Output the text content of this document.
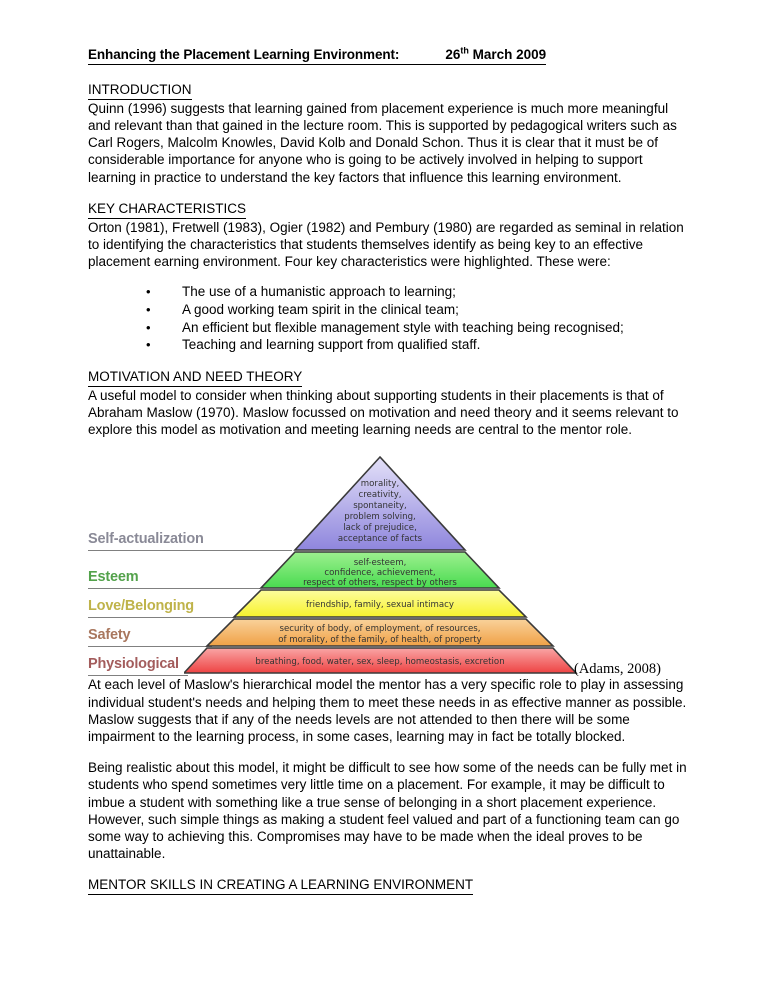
Enhancing the Placement Learning Environment:	26th March 2009
INTRODUCTION

Quinn (1996) suggests that learning gained from placement experience is much more meaningful and relevant than that gained in the lecture room. This is supported by pedagogical writers such as Carl Rogers, Malcolm Knowles, David Kolb and Donald Schon. Thus it is clear that it must be of considerable importance for anyone who is going to be actively involved in helping to support learning in practice to understand the key factors that influence this learning environment.

KEY CHARACTERISTICS

Orton (1981), Fretwell (1983), Ogier (1982) and Pembury (1980) are regarded as seminal in relation to identifying the characteristics that students themselves identify as being key to an effective placement earning environment. Four key characteristics were highlighted. These were:

•	The use of a humanistic approach to learning;
•	A good working team spirit in the clinical team;
•	An efficient but flexible management style with teaching being recognised;
•	Teaching and learning support from qualified staff.
MOTIVATION AND NEED THEORY

A useful model to consider when thinking about supporting students in their placements is that of Abraham Maslow (1970). Maslow focussed on motivation and need theory and it seems relevant to explore this model as motivation and meeting learning needs are central to the mentor role.

At each level of Maslow's hierarchical model the mentor has a very specific role to play in assessing individual student's needs and helping them to meet these needs in as effective manner as possible. Maslow suggests that if any of the needs levels are not attended to then there will be some impairment to the learning process, in some cases, learning may in fact be totally blocked.

Being realistic about this model, it might be difficult to see how some of the needs can be fully met in students who spend sometimes very little time on a placement. For example, it may be difficult to imbue a student with something like a true sense of belonging in a short placement experience. However, such simple things as making a student feel valued and part of a functioning team can go some way to achieving this. Compromises may have to be made when the ideal proves to be unattainable.

MENTOR SKILLS IN CREATING A LEARNING ENVIRONMENT
Self-actualization
Esteem
Love/Belonging
Safety
Physiological
morality,
creativity,
spontaneity,
problem solving,
lack of prejudice,
acceptance of facts
self-esteem,
confidence, achievement,
respect of others, respect by others
friendship, family, sexual intimacy
security of body, of employment, of resources,
of morality, of the family, of health, of property
breathing, food, water, sex, sleep, homeostasis, excretion	(Adams, 2008)
